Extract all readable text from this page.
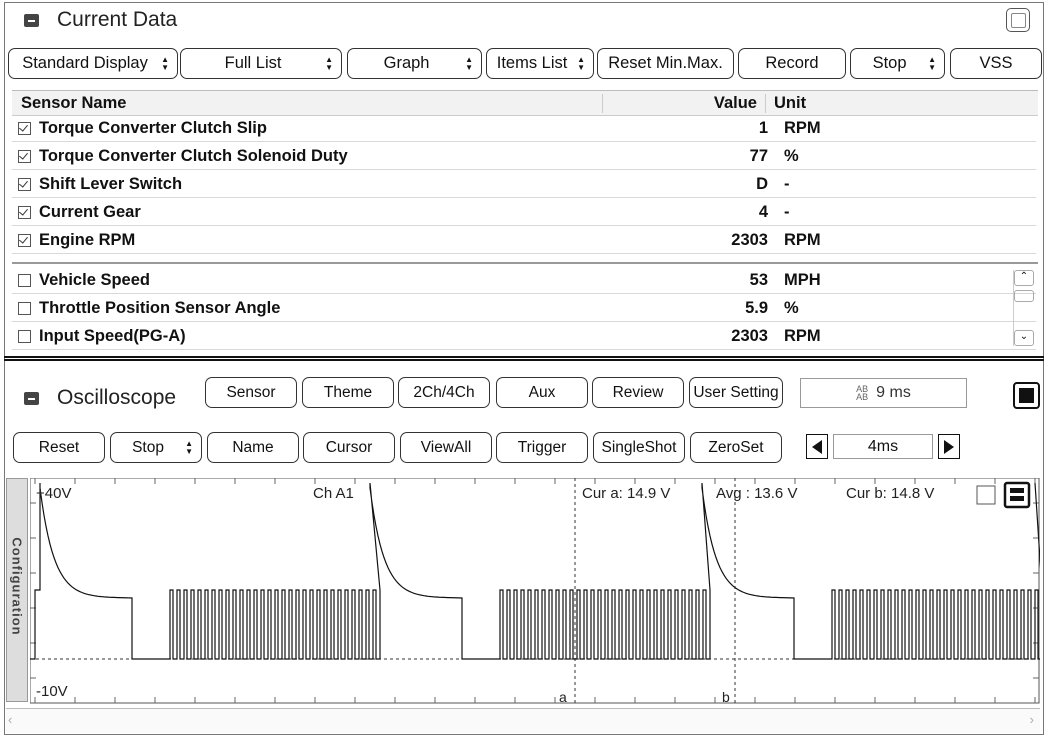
Current Data
Standard Display	▲
▼	Full List	▲
▼	Graph	▲
▼	Items List	▲
▼	Reset Min.Max.	Record	Stop	▲
▼	VSS
Sensor Name	Value	Unit
Torque Converter Clutch Slip	1 RPM
Torque Converter Clutch Solenoid Duty	77 %
Shift Lever Switch	D -
Current Gear	4 -
Engine RPM	2303 RPM
Vehicle Speed	53 MPH
Throttle Position Sensor Angle	5.9 %
Input Speed(PG-A)	2303 RPM
⌃
⌄
Oscilloscope	Sensor	Theme	2Ch/4Ch	Aux	Review	User Setting	AB
AB 9 ms
Reset	Stop	▲
▼	Name	Cursor	ViewAll	Trigger	SingleShot	ZeroSet	4ms
Configuration
+40V
-10V
Ch A1	Cur a: 14.9 V	Avg : 13.6 V	Cur b: 14.8 V
a	b
‹	›
